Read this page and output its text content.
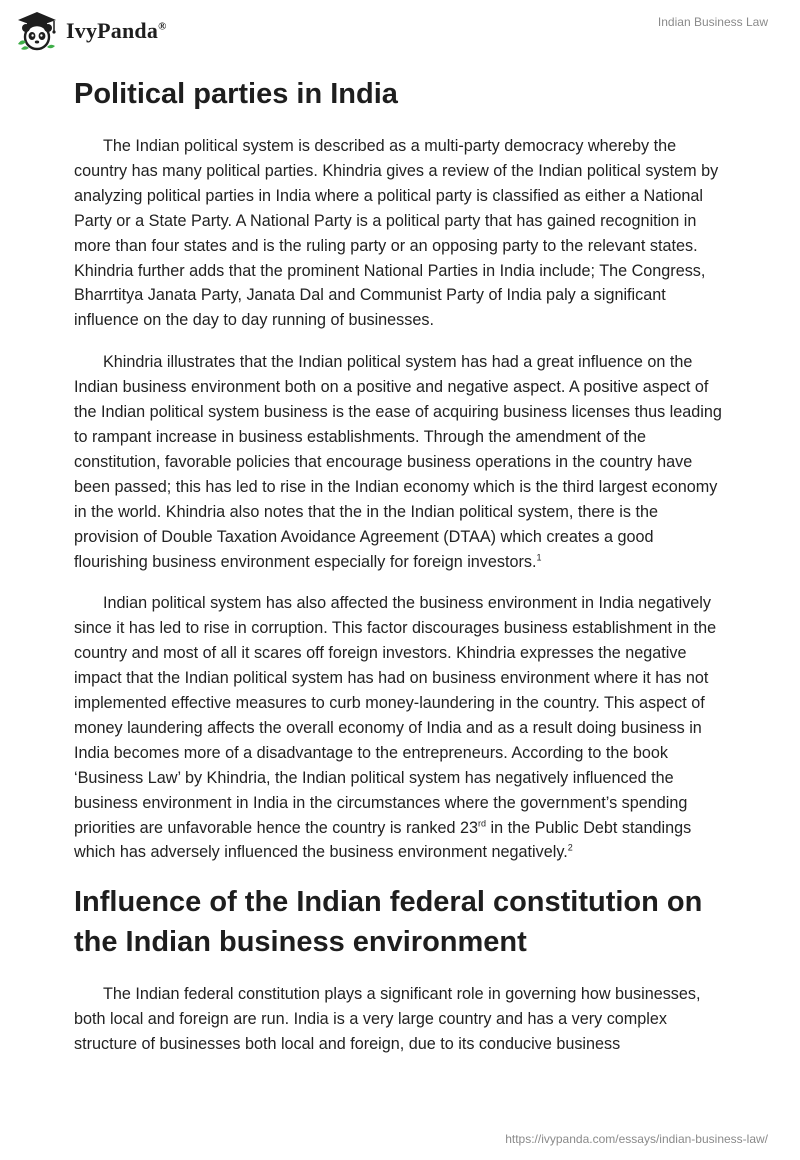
IvyPanda®	Indian Business Law
Political parties in India

The Indian political system is described as a multi-party democracy whereby the country has many political parties. Khindria gives a review of the Indian political system by analyzing political parties in India where a political party is classified as either a National Party or a State Party. A National Party is a political party that has gained recognition in more than four states and is the ruling party or an opposing party to the relevant states. Khindria further adds that the prominent National Parties in India include; The Congress, Bharrtitya Janata Party, Janata Dal and Communist Party of India paly a significant influence on the day to day running of businesses.

Khindria illustrates that the Indian political system has had a great influence on the Indian business environment both on a positive and negative aspect. A positive aspect of the Indian political system business is the ease of acquiring business licenses thus leading to rampant increase in business establishments. Through the amendment of the constitution, favorable policies that encourage business operations in the country have been passed; this has led to rise in the Indian economy which is the third largest economy in the world. Khindria also notes that the in the Indian political system, there is the provision of Double Taxation Avoidance Agreement (DTAA) which creates a good flourishing business environment especially for foreign investors.$^1$

Indian political system has also affected the business environment in India negatively since it has led to rise in corruption. This factor discourages business establishment in the country and most of all it scares off foreign investors. Khindria expresses the negative impact that the Indian political system has had on business environment where it has not implemented effective measures to curb money-laundering in the country. This aspect of money laundering affects the overall economy of India and as a result doing business in India becomes more of a disadvantage to the entrepreneurs. According to the book ‘Business Law’ by Khindria, the Indian political system has negatively influenced the business environment in India in the circumstances where the government’s spending priorities are unfavorable hence the country is ranked 23rd in the Public Debt standings which has adversely influenced the business environment negatively.$^2$

Influence of the Indian federal constitution on the Indian business environment

The Indian federal constitution plays a significant role in governing how businesses, both local and foreign are run. India is a very large country and has a very complex structure of businesses both local and foreign, due to its conducive business

https://ivypanda.com/essays/indian-business-law/
